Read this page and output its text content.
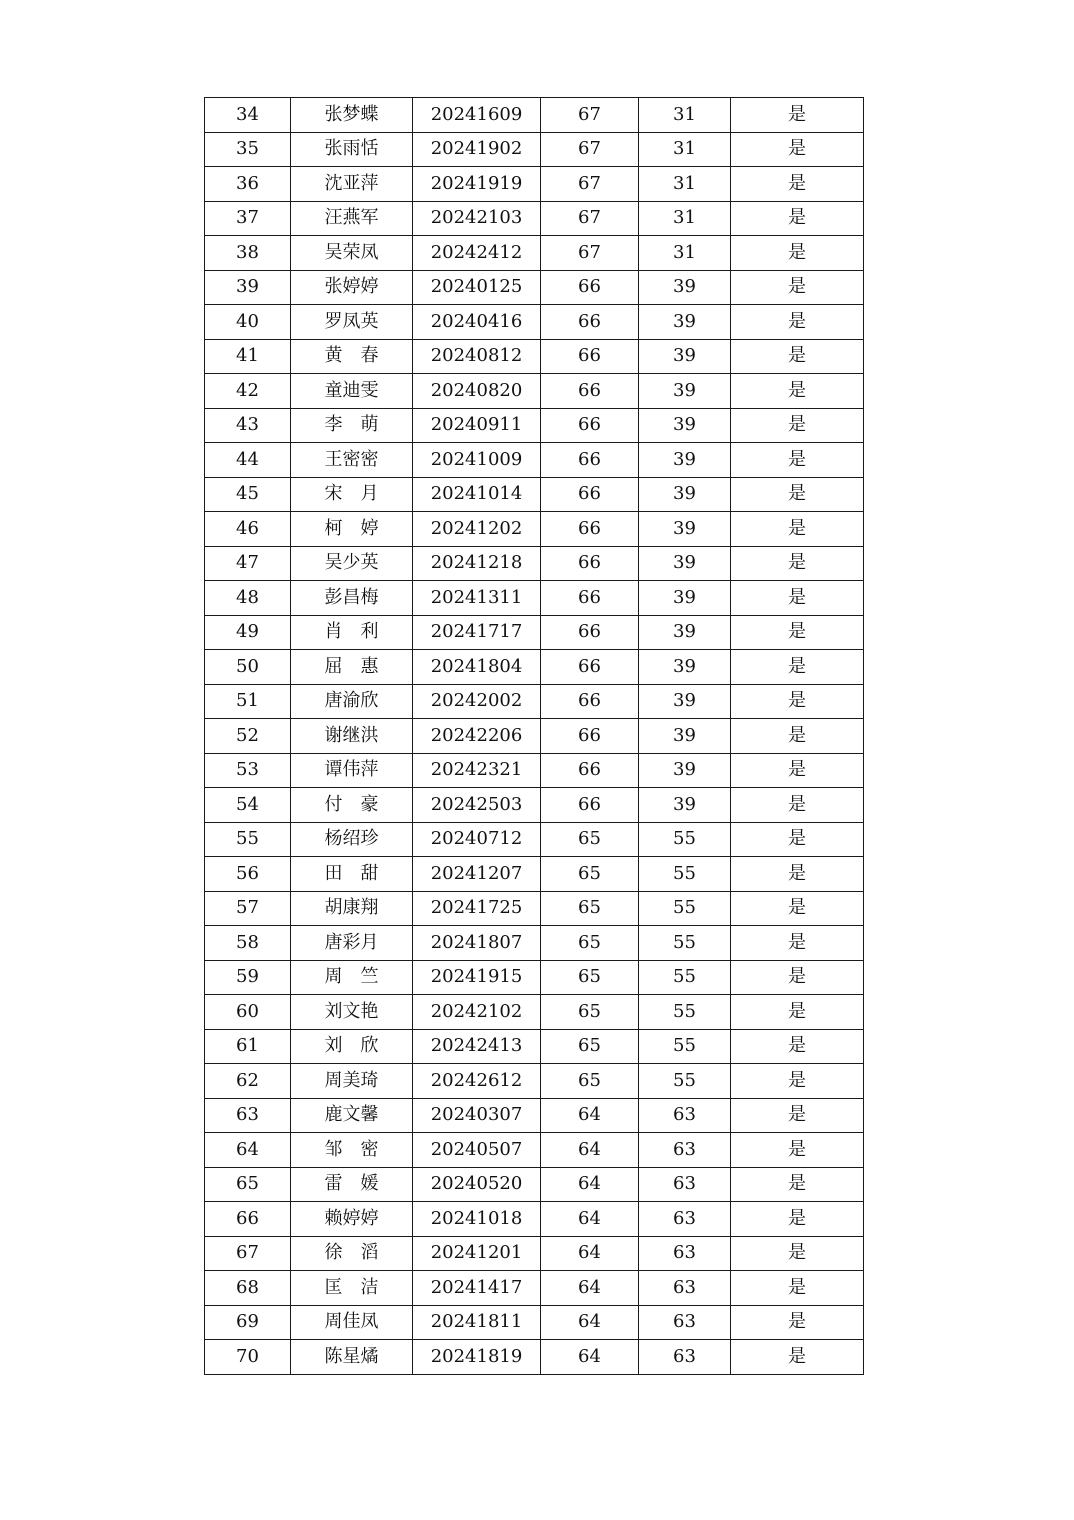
34	张梦蝶	20241609	67	31	是
35	张雨恬	20241902	67	31	是
36	沈亚萍	20241919	67	31	是
37	汪燕军	20242103	67	31	是
38	吴荣凤	20242412	67	31	是
39	张婷婷	20240125	66	39	是
40	罗凤英	20240416	66	39	是
41	黄　春	20240812	66	39	是
42	童迪雯	20240820	66	39	是
43	李　萌	20240911	66	39	是
44	王密密	20241009	66	39	是
45	宋　月	20241014	66	39	是
46	柯　婷	20241202	66	39	是
47	吴少英	20241218	66	39	是
48	彭昌梅	20241311	66	39	是
49	肖　利	20241717	66	39	是
50	屈　惠	20241804	66	39	是
51	唐渝欣	20242002	66	39	是
52	谢继洪	20242206	66	39	是
53	谭伟萍	20242321	66	39	是
54	付　豪	20242503	66	39	是
55	杨绍珍	20240712	65	55	是
56	田　甜	20241207	65	55	是
57	胡康翔	20241725	65	55	是
58	唐彩月	20241807	65	55	是
59	周　竺	20241915	65	55	是
60	刘文艳	20242102	65	55	是
61	刘　欣	20242413	65	55	是
62	周美琦	20242612	65	55	是
63	鹿文馨	20240307	64	63	是
64	邹　密	20240507	64	63	是
65	雷　媛	20240520	64	63	是
66	赖婷婷	20241018	64	63	是
67	徐　滔	20241201	64	63	是
68	匡　洁	20241417	64	63	是
69	周佳凤	20241811	64	63	是
70	陈星燏	20241819	64	63	是
